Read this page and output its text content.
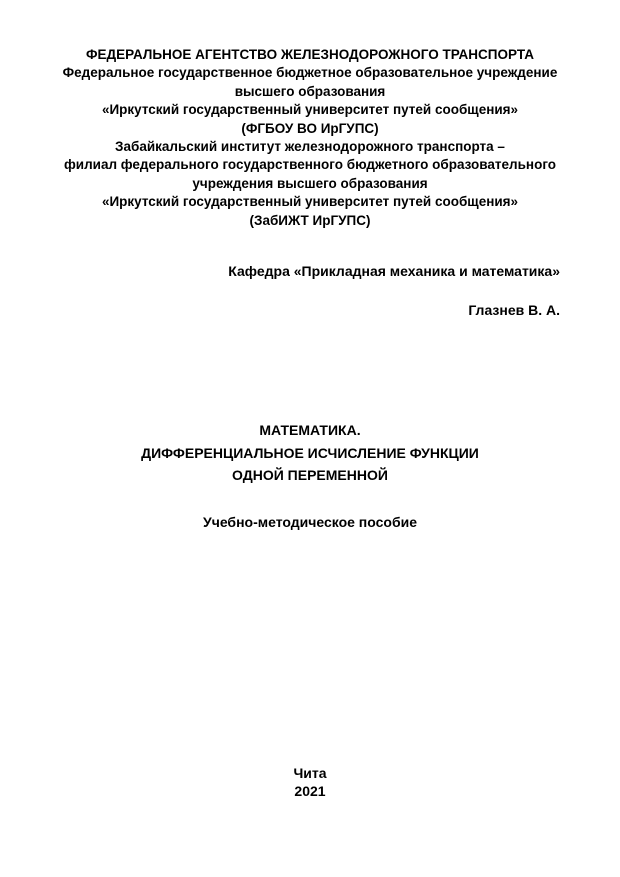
ФЕДЕРАЛЬНОЕ АГЕНТСТВО ЖЕЛЕЗНОДОРОЖНОГО ТРАНСПОРТА
Федеральное государственное бюджетное образовательное учреждение
высшего образования
«Иркутский государственный университет путей сообщения»
(ФГБОУ ВО ИрГУПС)
Забайкальский институт железнодорожного транспорта –
филиал федерального государственного бюджетного образовательного
учреждения высшего образования
«Иркутский государственный университет путей сообщения»
(ЗабИЖТ ИрГУПС)
Кафедра «Прикладная механика и математика»
Глазнев В. А.
МАТЕМАТИКА.
ДИФФЕРЕНЦИАЛЬНОЕ ИСЧИСЛЕНИЕ ФУНКЦИИ
ОДНОЙ ПЕРЕМЕННОЙ
Учебно-методическое пособие
Чита
2021
